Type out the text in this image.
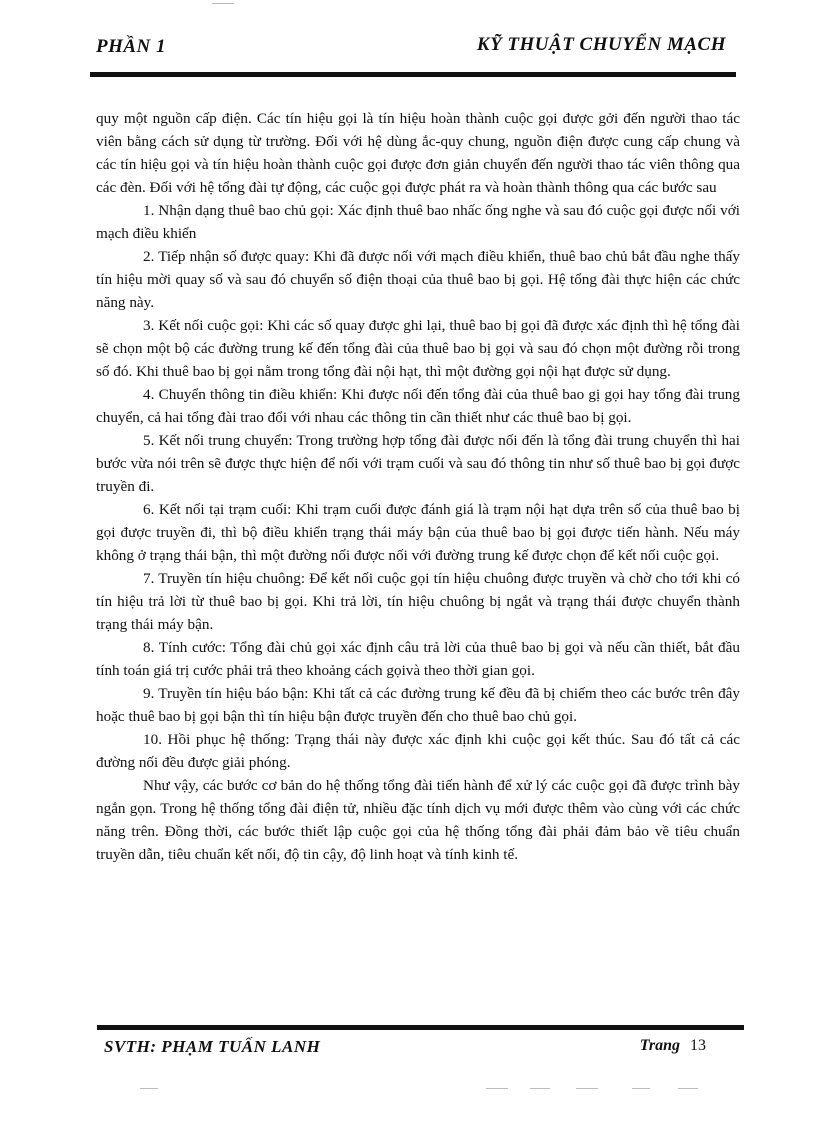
PHẦN 1	KỸ THUẬT CHUYỂN MẠCH

quy một nguồn cấp điện. Các tín hiệu gọi là tín hiệu hoàn thành cuộc gọi được gởi đến người thao tác viên bằng cách sử dụng từ trường. Đối với hệ dùng ắc-quy chung, nguồn điện được cung cấp chung và các tín hiệu gọi và tín hiệu hoàn thành cuộc gọi được đơn giản chuyển đến người thao tác viên thông qua các đèn. Đối với hệ tổng đài tự động, các cuộc gọi được phát ra và hoàn thành thông qua các bước sau

1. Nhận dạng thuê bao chủ gọi: Xác định thuê bao nhấc ống nghe và sau đó cuộc gọi được nối với mạch điều khiển

2. Tiếp nhận số được quay: Khi đã được nối với mạch điều khiển, thuê bao chủ bắt đầu nghe thấy tín hiệu mời quay số và sau đó chuyển số điện thoại của thuê bao bị gọi. Hệ tổng đài thực hiện các chức năng này.

3. Kết nối cuộc gọi: Khi các số quay được ghi lại, thuê bao bị gọi đã được xác định thì hệ tổng đài sẽ chọn một bộ các đường trung kế đến tổng đài của thuê bao bị gọi và sau đó chọn một đường rỗi trong số đó. Khi thuê bao bị gọi nằm trong tổng đài nội hạt, thì một đường gọi nội hạt được sử dụng.

4. Chuyển thông tin điều khiển: Khi được nối đến tổng đài của thuê bao gị gọi hay tổng đài trung chuyển, cả hai tổng đài trao đổi với nhau các thông tin cần thiết như các thuê bao bị gọi.

5. Kết nối trung chuyển: Trong trường hợp tổng đài được nối đến là tổng đài trung chuyển thì hai bước vừa nói trên sẽ được thực hiện để nối với trạm cuối và sau đó thông tin như số thuê bao bị gọi được truyền đi.

6. Kết nối tại trạm cuối: Khi trạm cuối được đánh giá là trạm nội hạt dựa trên số của thuê bao bị gọi được truyền đi, thì bộ điều khiển trạng thái máy bận của thuê bao bị gọi được tiến hành. Nếu máy không ở trạng thái bận, thì một đường nối được nối với đường trung kế được chọn để kết nối cuộc gọi.

7. Truyền tín hiệu chuông: Để kết nối cuộc gọi tín hiệu chuông được truyền và chờ cho tới khi có tín hiệu trả lời từ thuê bao bị gọi. Khi trả lời, tín hiệu chuông bị ngắt và trạng thái được chuyển thành trạng thái máy bận.

8. Tính cước: Tổng đài chủ gọi xác định câu trả lời của thuê bao bị gọi và nếu cần thiết, bắt đầu tính toán giá trị cước phải trả theo khoảng cách gọivà theo thời gian gọi.

9. Truyền tín hiệu báo bận: Khi tất cả các đường trung kế đều đã bị chiếm theo các bước trên đây hoặc thuê bao bị gọi bận thì tín hiệu bận được truyền đến cho thuê bao chủ gọi.

10. Hồi phục hệ thống: Trạng thái này được xác định khi cuộc gọi kết thúc. Sau đó tất cả các đường nối đều được giải phóng.

Như vậy, các bước cơ bản do hệ thống tổng đài tiến hành để xử lý các cuộc gọi đã được trình bày ngắn gọn. Trong hệ thống tổng đài điện tử, nhiều đặc tính dịch vụ mới được thêm vào cùng với các chức năng trên. Đồng thời, các bước thiết lập cuộc gọi của hệ thống tổng đài phải đảm bảo về tiêu chuẩn truyền dẫn, tiêu chuẩn kết nối, độ tin cậy, độ linh hoạt và tính kinh tế.

SVTH: PHẠM TUẤN LANH	Trang 13
